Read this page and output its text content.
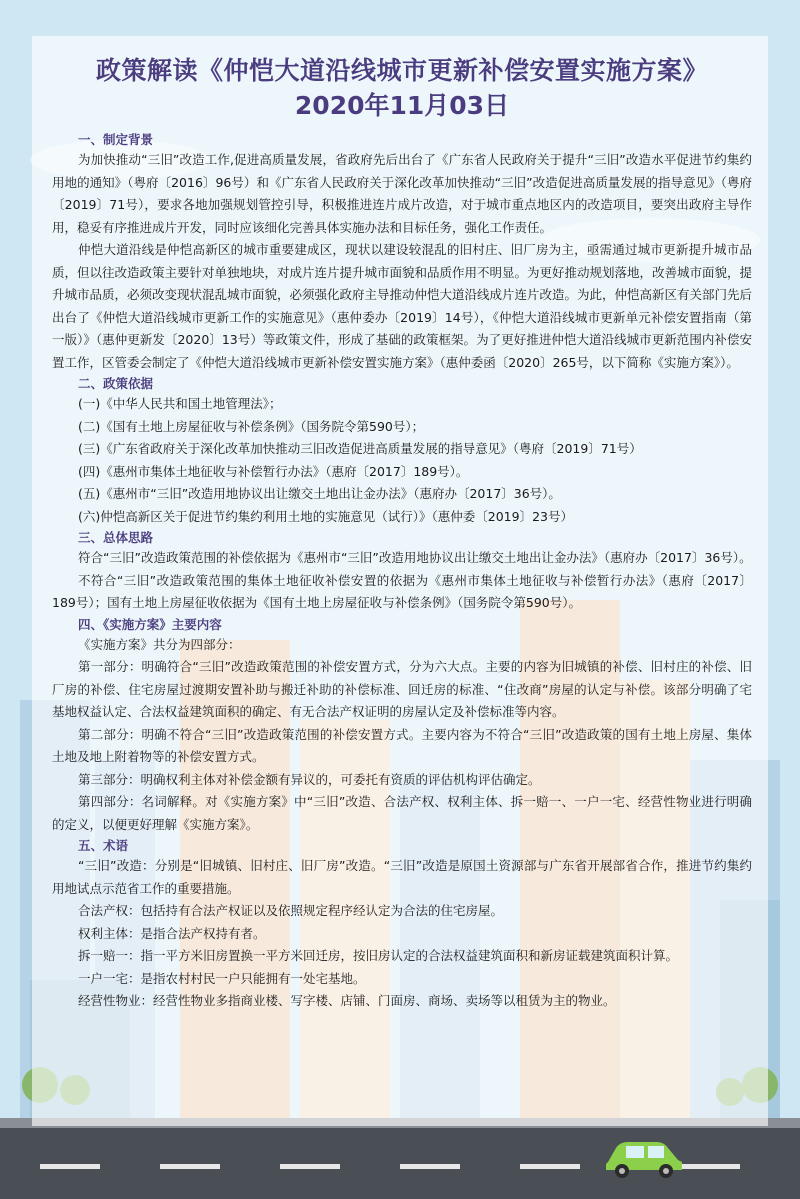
政策解读《仲恺大道沿线城市更新补偿安置实施方案》
2020年11月03日
一、制定背景

为加快推动“三旧”改造工作,促进高质量发展，省政府先后出台了《广东省人民政府关于提升“三旧”改造水平促进节约集约用地的通知》（粤府〔2016〕96号）和《广东省人民政府关于深化改革加快推动“三旧”改造促进高质量发展的指导意见》（粤府〔2019〕71号），要求各地加强规划管控引导，积极推进连片成片改造，对于城市重点地区内的改造项目，要突出政府主导作用，稳妥有序推进成片开发，同时应该细化完善具体实施办法和目标任务，强化工作责任。

仲恺大道沿线是仲恺高新区的城市重要建成区，现状以建设较混乱的旧村庄、旧厂房为主，亟需通过城市更新提升城市品质，但以往改造政策主要针对单独地块，对成片连片提升城市面貌和品质作用不明显。为更好推动规划落地，改善城市面貌，提升城市品质，必须改变现状混乱城市面貌，必须强化政府主导推动仲恺大道沿线成片连片改造。为此，仲恺高新区有关部门先后出台了《仲恺大道沿线城市更新工作的实施意见》（惠仲委办〔2019〕14号），《仲恺大道沿线城市更新单元补偿安置指南（第一版）》（惠仲更新发〔2020〕13号）等政策文件，形成了基础的政策框架。为了更好推进仲恺大道沿线城市更新范围内补偿安置工作，区管委会制定了《仲恺大道沿线城市更新补偿安置实施方案》（惠仲委函〔2020〕265号，以下简称《实施方案》）。

二、政策依据

(一)《中华人民共和国土地管理法》；

(二)《国有土地上房屋征收与补偿条例》（国务院令第590号）；

(三)《广东省政府关于深化改革加快推动三旧改造促进高质量发展的指导意见》（粤府〔2019〕71号）

(四)《惠州市集体土地征收与补偿暂行办法》（惠府〔2017〕189号）。

(五)《惠州市“三旧”改造用地协议出让缴交土地出让金办法》（惠府办〔2017〕36号）。

(六)仲恺高新区关于促进节约集约利用土地的实施意见（试行）》（惠仲委〔2019〕23号）

三、总体思路

符合“三旧”改造政策范围的补偿依据为《惠州市“三旧”改造用地协议出让缴交土地出让金办法》（惠府办〔2017〕36号）。

不符合“三旧”改造政策范围的集体土地征收补偿安置的依据为《惠州市集体土地征收与补偿暂行办法》（惠府〔2017〕189号）；国有土地上房屋征收依据为《国有土地上房屋征收与补偿条例》（国务院令第590号）。

四、《实施方案》主要内容

《实施方案》共分为四部分：

第一部分：明确符合“三旧”改造政策范围的补偿安置方式，分为六大点。主要的内容为旧城镇的补偿、旧村庄的补偿、旧厂房的补偿、住宅房屋过渡期安置补助与搬迁补助的补偿标准、回迁房的标准、“住改商”房屋的认定与补偿。该部分明确了宅基地权益认定、合法权益建筑面积的确定、有无合法产权证明的房屋认定及补偿标准等内容。

第二部分：明确不符合“三旧”改造政策范围的补偿安置方式。主要内容为不符合“三旧”改造政策的国有土地上房屋、集体土地及地上附着物等的补偿安置方式。

第三部分：明确权利主体对补偿金额有异议的，可委托有资质的评估机构评估确定。

第四部分：名词解释。对《实施方案》中“三旧”改造、合法产权、权利主体、拆一赔一、一户一宅、经营性物业进行明确的定义，以便更好理解《实施方案》。

五、术语

“三旧”改造：分别是“旧城镇、旧村庄、旧厂房”改造。“三旧”改造是原国土资源部与广东省开展部省合作，推进节约集约用地试点示范省工作的重要措施。

合法产权：包括持有合法产权证以及依照规定程序经认定为合法的住宅房屋。

权利主体：是指合法产权持有者。

拆一赔一：指一平方米旧房置换一平方米回迁房，按旧房认定的合法权益建筑面积和新房证载建筑面积计算。

一户一宅：是指农村村民一户只能拥有一处宅基地。

经营性物业：经营性物业多指商业楼、写字楼、店铺、门面房、商场、卖场等以租赁为主的物业。
